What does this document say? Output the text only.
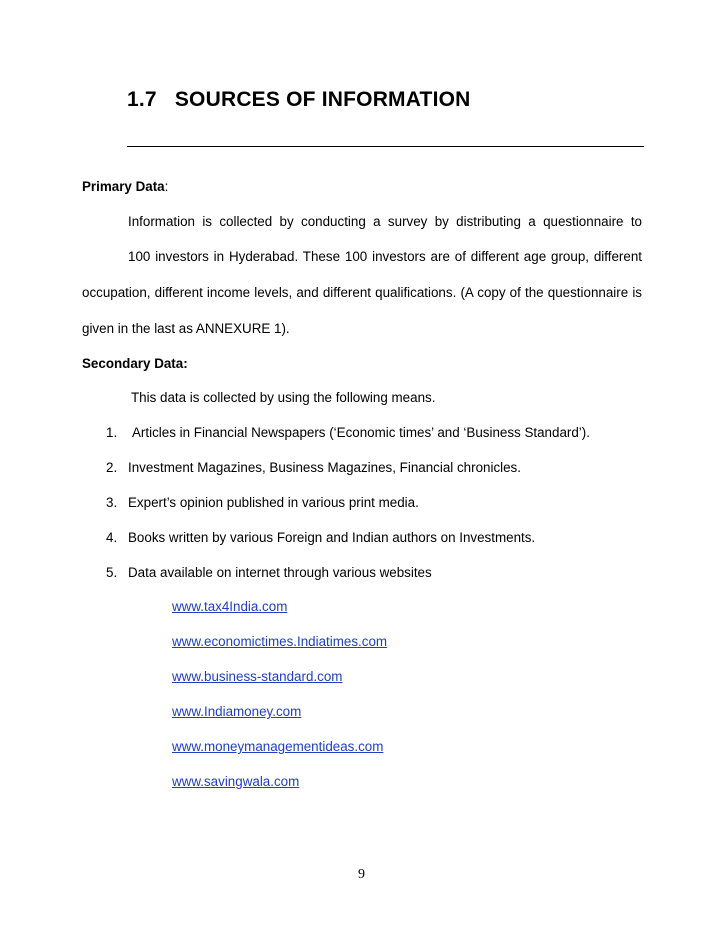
1.7 SOURCES OF INFORMATION
Primary Data:
Information is collected by conducting a survey by distributing a questionnaire to
100 investors in Hyderabad. These 100 investors are of different age group, different
occupation, different income levels, and different qualifications. (A copy of the questionnaire is
given in the last as ANNEXURE 1).
Secondary Data:
This data is collected by using the following means.
1. Articles in Financial Newspapers (‘Economic times’ and ‘Business Standard’).
2. Investment Magazines, Business Magazines, Financial chronicles.
3. Expert’s opinion published in various print media.
4. Books written by various Foreign and Indian authors on Investments.
5. Data available on internet through various websites
www.tax4India.com
www.economictimes.Indiatimes.com
www.business-standard.com
www.Indiamoney.com
www.moneymanagementideas.com
www.savingwala.com
9
